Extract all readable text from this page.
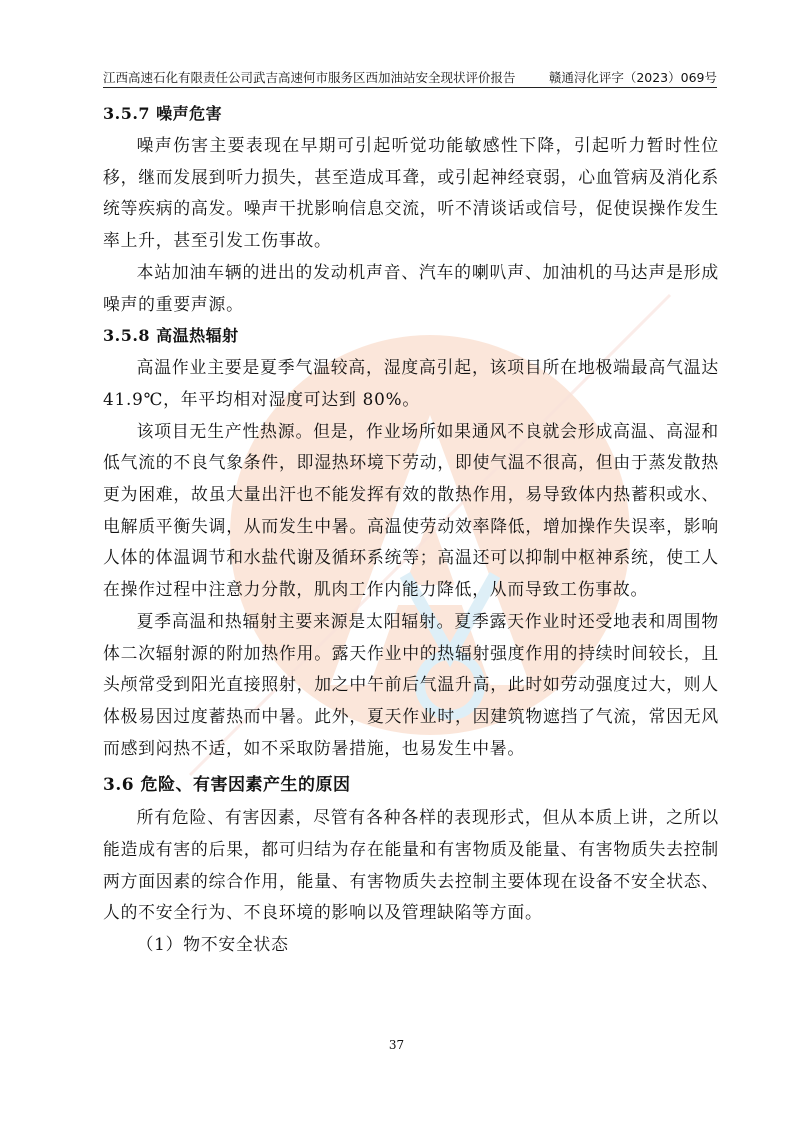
江西高速石化有限责任公司武吉高速何市服务区西加油站安全现状评价报告	赣通浔化评字（2023）069号
3.5.7 噪声危害

噪声伤害主要表现在早期可引起听觉功能敏感性下降，引起听力暂时性位移，继而发展到听力损失，甚至造成耳聋，或引起神经衰弱，心血管病及消化系统等疾病的高发。噪声干扰影响信息交流，听不清谈话或信号，促使误操作发生率上升，甚至引发工伤事故。

本站加油车辆的进出的发动机声音、汽车的喇叭声、加油机的马达声是形成噪声的重要声源。

3.5.8 高温热辐射

高温作业主要是夏季气温较高，湿度高引起，该项目所在地极端最高气温达 41.9℃，年平均相对湿度可达到 80%。

该项目无生产性热源。但是，作业场所如果通风不良就会形成高温、高湿和低气流的不良气象条件，即湿热环境下劳动，即使气温不很高，但由于蒸发散热更为困难，故虽大量出汗也不能发挥有效的散热作用，易导致体内热蓄积或水、电解质平衡失调，从而发生中暑。高温使劳动效率降低，增加操作失误率，影响人体的体温调节和水盐代谢及循环系统等；高温还可以抑制中枢神系统，使工人在操作过程中注意力分散，肌肉工作内能力降低，从而导致工伤事故。

夏季高温和热辐射主要来源是太阳辐射。夏季露天作业时还受地表和周围物体二次辐射源的附加热作用。露天作业中的热辐射强度作用的持续时间较长，且头颅常受到阳光直接照射，加之中午前后气温升高，此时如劳动强度过大，则人体极易因过度蓄热而中暑。此外，夏天作业时，因建筑物遮挡了气流，常因无风而感到闷热不适，如不采取防暑措施，也易发生中暑。

3.6 危险、有害因素产生的原因

所有危险、有害因素，尽管有各种各样的表现形式，但从本质上讲，之所以能造成有害的后果，都可归结为存在能量和有害物质及能量、有害物质失去控制两方面因素的综合作用，能量、有害物质失去控制主要体现在设备不安全状态、人的不安全行为、不良环境的影响以及管理缺陷等方面。

（1）物不安全状态

37
